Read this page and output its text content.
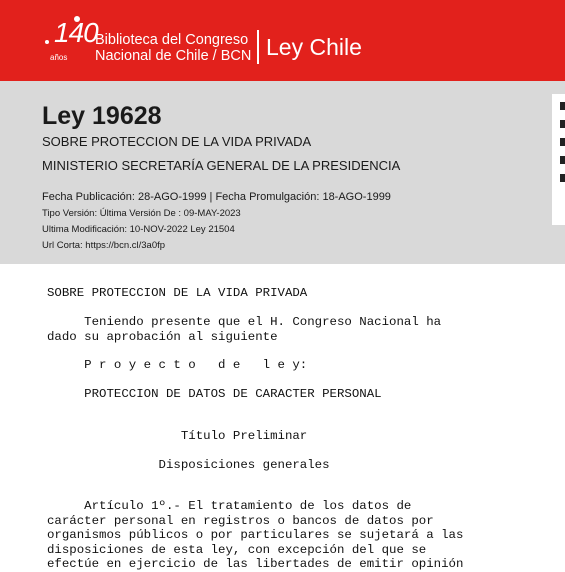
140
años
Biblioteca del Congreso
Nacional de Chile / BCN Ley Chile
Ley 19628
SOBRE PROTECCION DE LA VIDA PRIVADA
MINISTERIO SECRETARÍA GENERAL DE LA PRESIDENCIA
Fecha Publicación: 28-AGO-1999 | Fecha Promulgación: 18-AGO-1999
Tipo Versión: Última Versión De : 09-MAY-2023
Ultima Modificación: 10-NOV-2022 Ley 21504
Url Corta: https://bcn.cl/3a0fp
SOBRE PROTECCION DE LA VIDA PRIVADA
Teniendo presente que el H. Congreso Nacional ha
dado su aprobación al siguiente
P r o y e c t o   d e   l e y:
PROTECCION DE DATOS DE CARACTER PERSONAL
Título Preliminar
Disposiciones generales
Artículo 1º.- El tratamiento de los datos de
carácter personal en registros o bancos de datos por
organismos públicos o por particulares se sujetará a las
disposiciones de esta ley, con excepción del que se
efectúe en ejercicio de las libertades de emitir opinión
